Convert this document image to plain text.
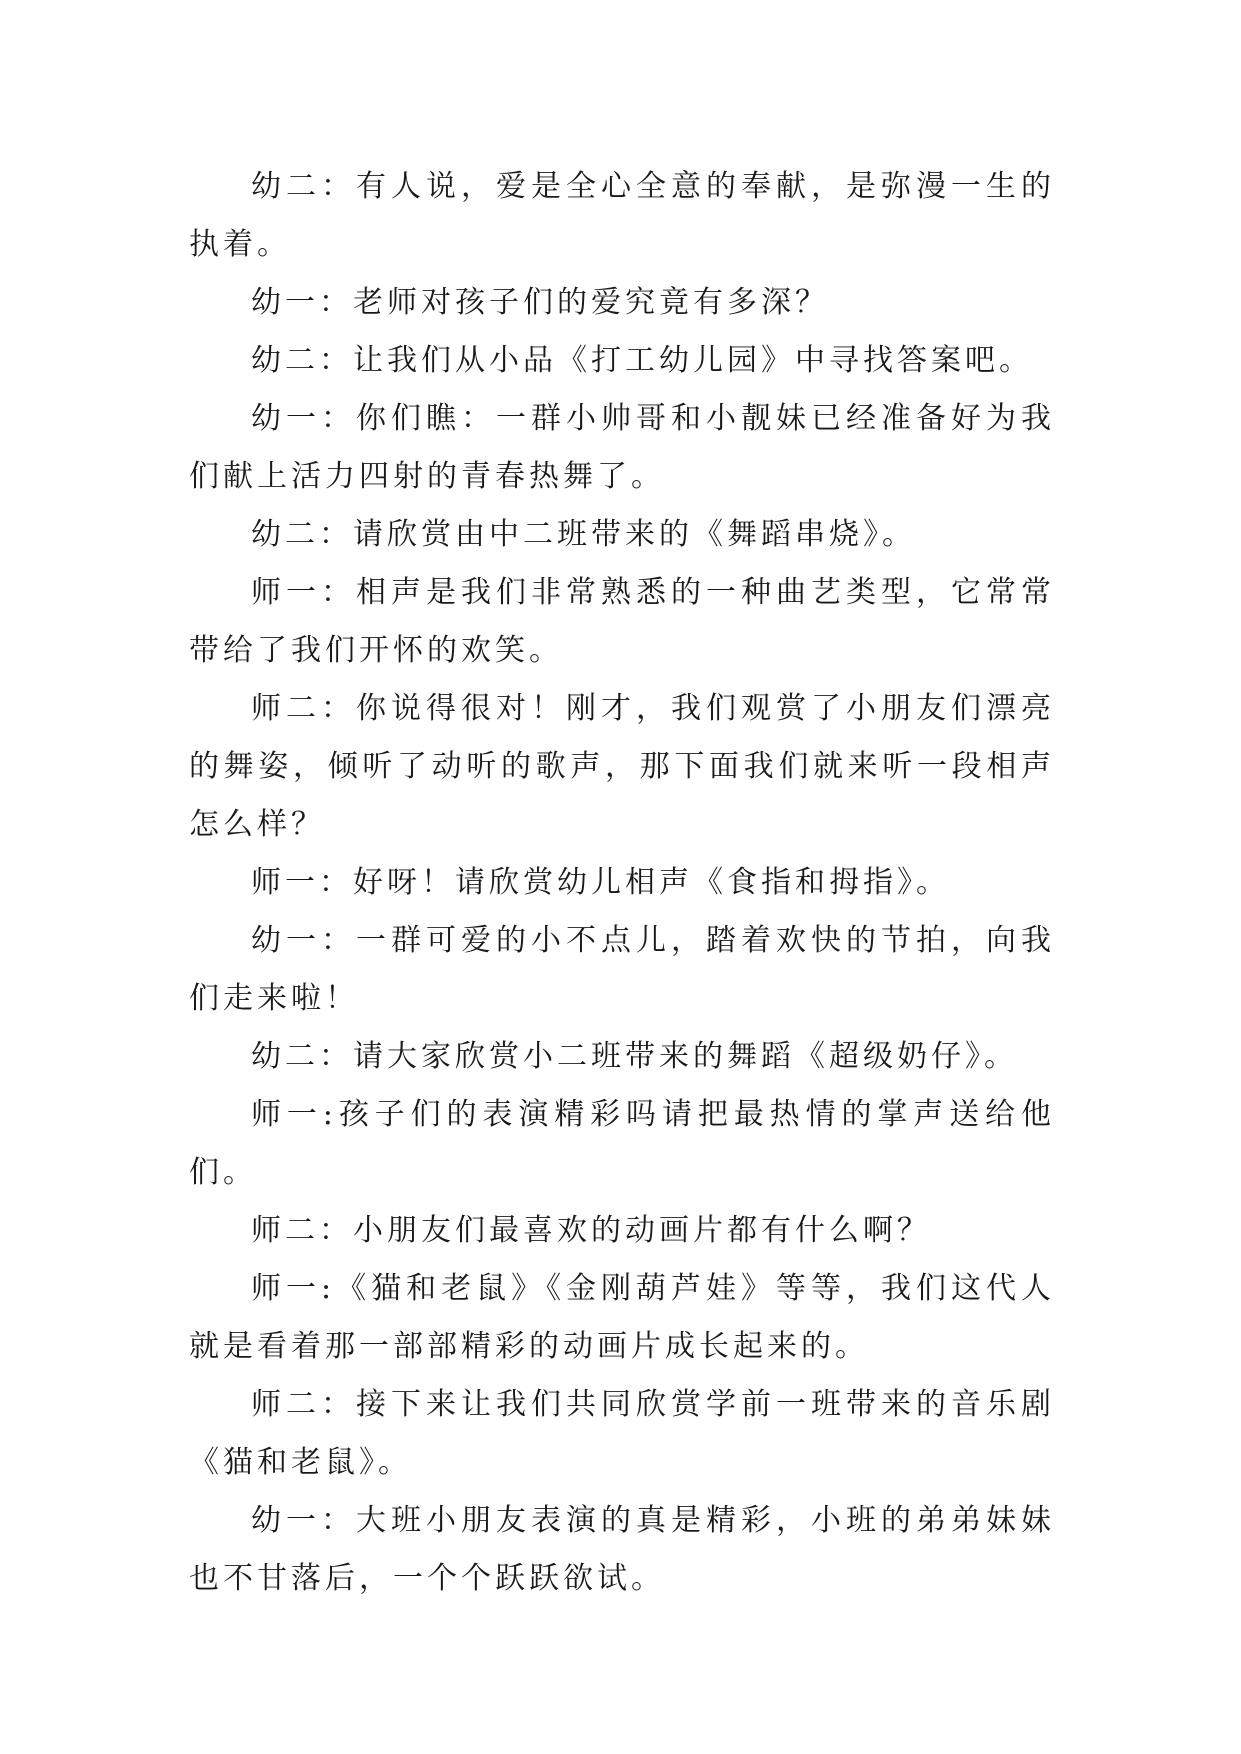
幼二：有人说，爱是全心全意的奉献，是弥漫一生的执着。

幼一：老师对孩子们的爱究竟有多深？

幼二：让我们从小品《打工幼儿园》中寻找答案吧。

幼一：你们瞧：一群小帅哥和小靓妹已经准备好为我们献上活力四射的青春热舞了。

幼二：请欣赏由中二班带来的《舞蹈串烧》。

师一：相声是我们非常熟悉的一种曲艺类型，它常常带给了我们开怀的欢笑。

师二：你说得很对！刚才，我们观赏了小朋友们漂亮的舞姿，倾听了动听的歌声，那下面我们就来听一段相声怎么样？

师一：好呀！请欣赏幼儿相声《食指和拇指》。

幼一：一群可爱的小不点儿，踏着欢快的节拍，向我们走来啦！

幼二：请大家欣赏小二班带来的舞蹈《超级奶仔》。

师一:孩子们的表演精彩吗请把最热情的掌声送给他们。

师二：小朋友们最喜欢的动画片都有什么啊？

师一:《猫和老鼠》《金刚葫芦娃》等等，我们这代人就是看着那一部部精彩的动画片成长起来的。

师二：接下来让我们共同欣赏学前一班带来的音乐剧《猫和老鼠》。

幼一：大班小朋友表演的真是精彩，小班的弟弟妹妹也不甘落后，一个个跃跃欲试。
